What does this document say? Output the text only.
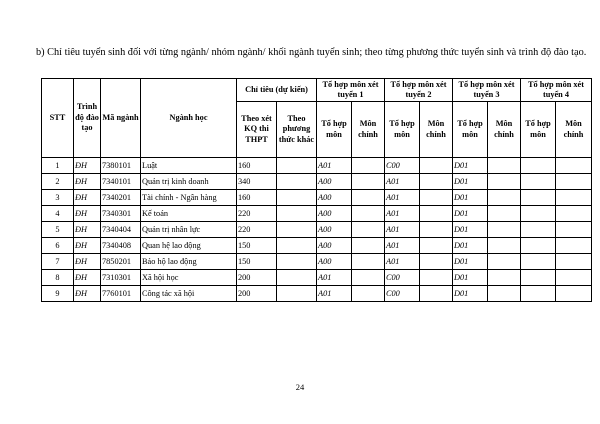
b) Chỉ tiêu tuyển sinh đối với từng ngành/ nhóm ngành/ khối ngành tuyển sinh; theo từng phương thức tuyển sinh và trình độ đào tạo.
STT	Trình độ đào tạo	Mã ngành	Ngành học	Chỉ tiêu (dự kiến)		Tổ hợp môn xét tuyển 1		Tổ hợp môn xét tuyển 2		Tổ hợp môn xét tuyển 3		Tổ hợp môn xét tuyển 4	
				Theo xét KQ thi THPT	Theo phương thức khác	Tổ hợp môn	Môn chính	Tổ hợp môn	Môn chính	Tổ hợp môn	Môn chính	Tổ hợp môn	Môn chính
1	ĐH	7380101	Luật	160		A01		C00		D01			
2	ĐH	7340101	Quản trị kinh doanh	340		A00		A01		D01			
3	ĐH	7340201	Tài chính - Ngân hàng	160		A00		A01		D01			
4	ĐH	7340301	Kế toán	220		A00		A01		D01			
5	ĐH	7340404	Quản trị nhân lực	220		A00		A01		D01			
6	ĐH	7340408	Quan hệ lao động	150		A00		A01		D01			
7	ĐH	7850201	Bảo hộ lao động	150		A00		A01		D01			
8	ĐH	7310301	Xã hội học	200		A01		C00		D01			
9	ĐH	7760101	Công tác xã hội	200		A01		C00		D01			
24
